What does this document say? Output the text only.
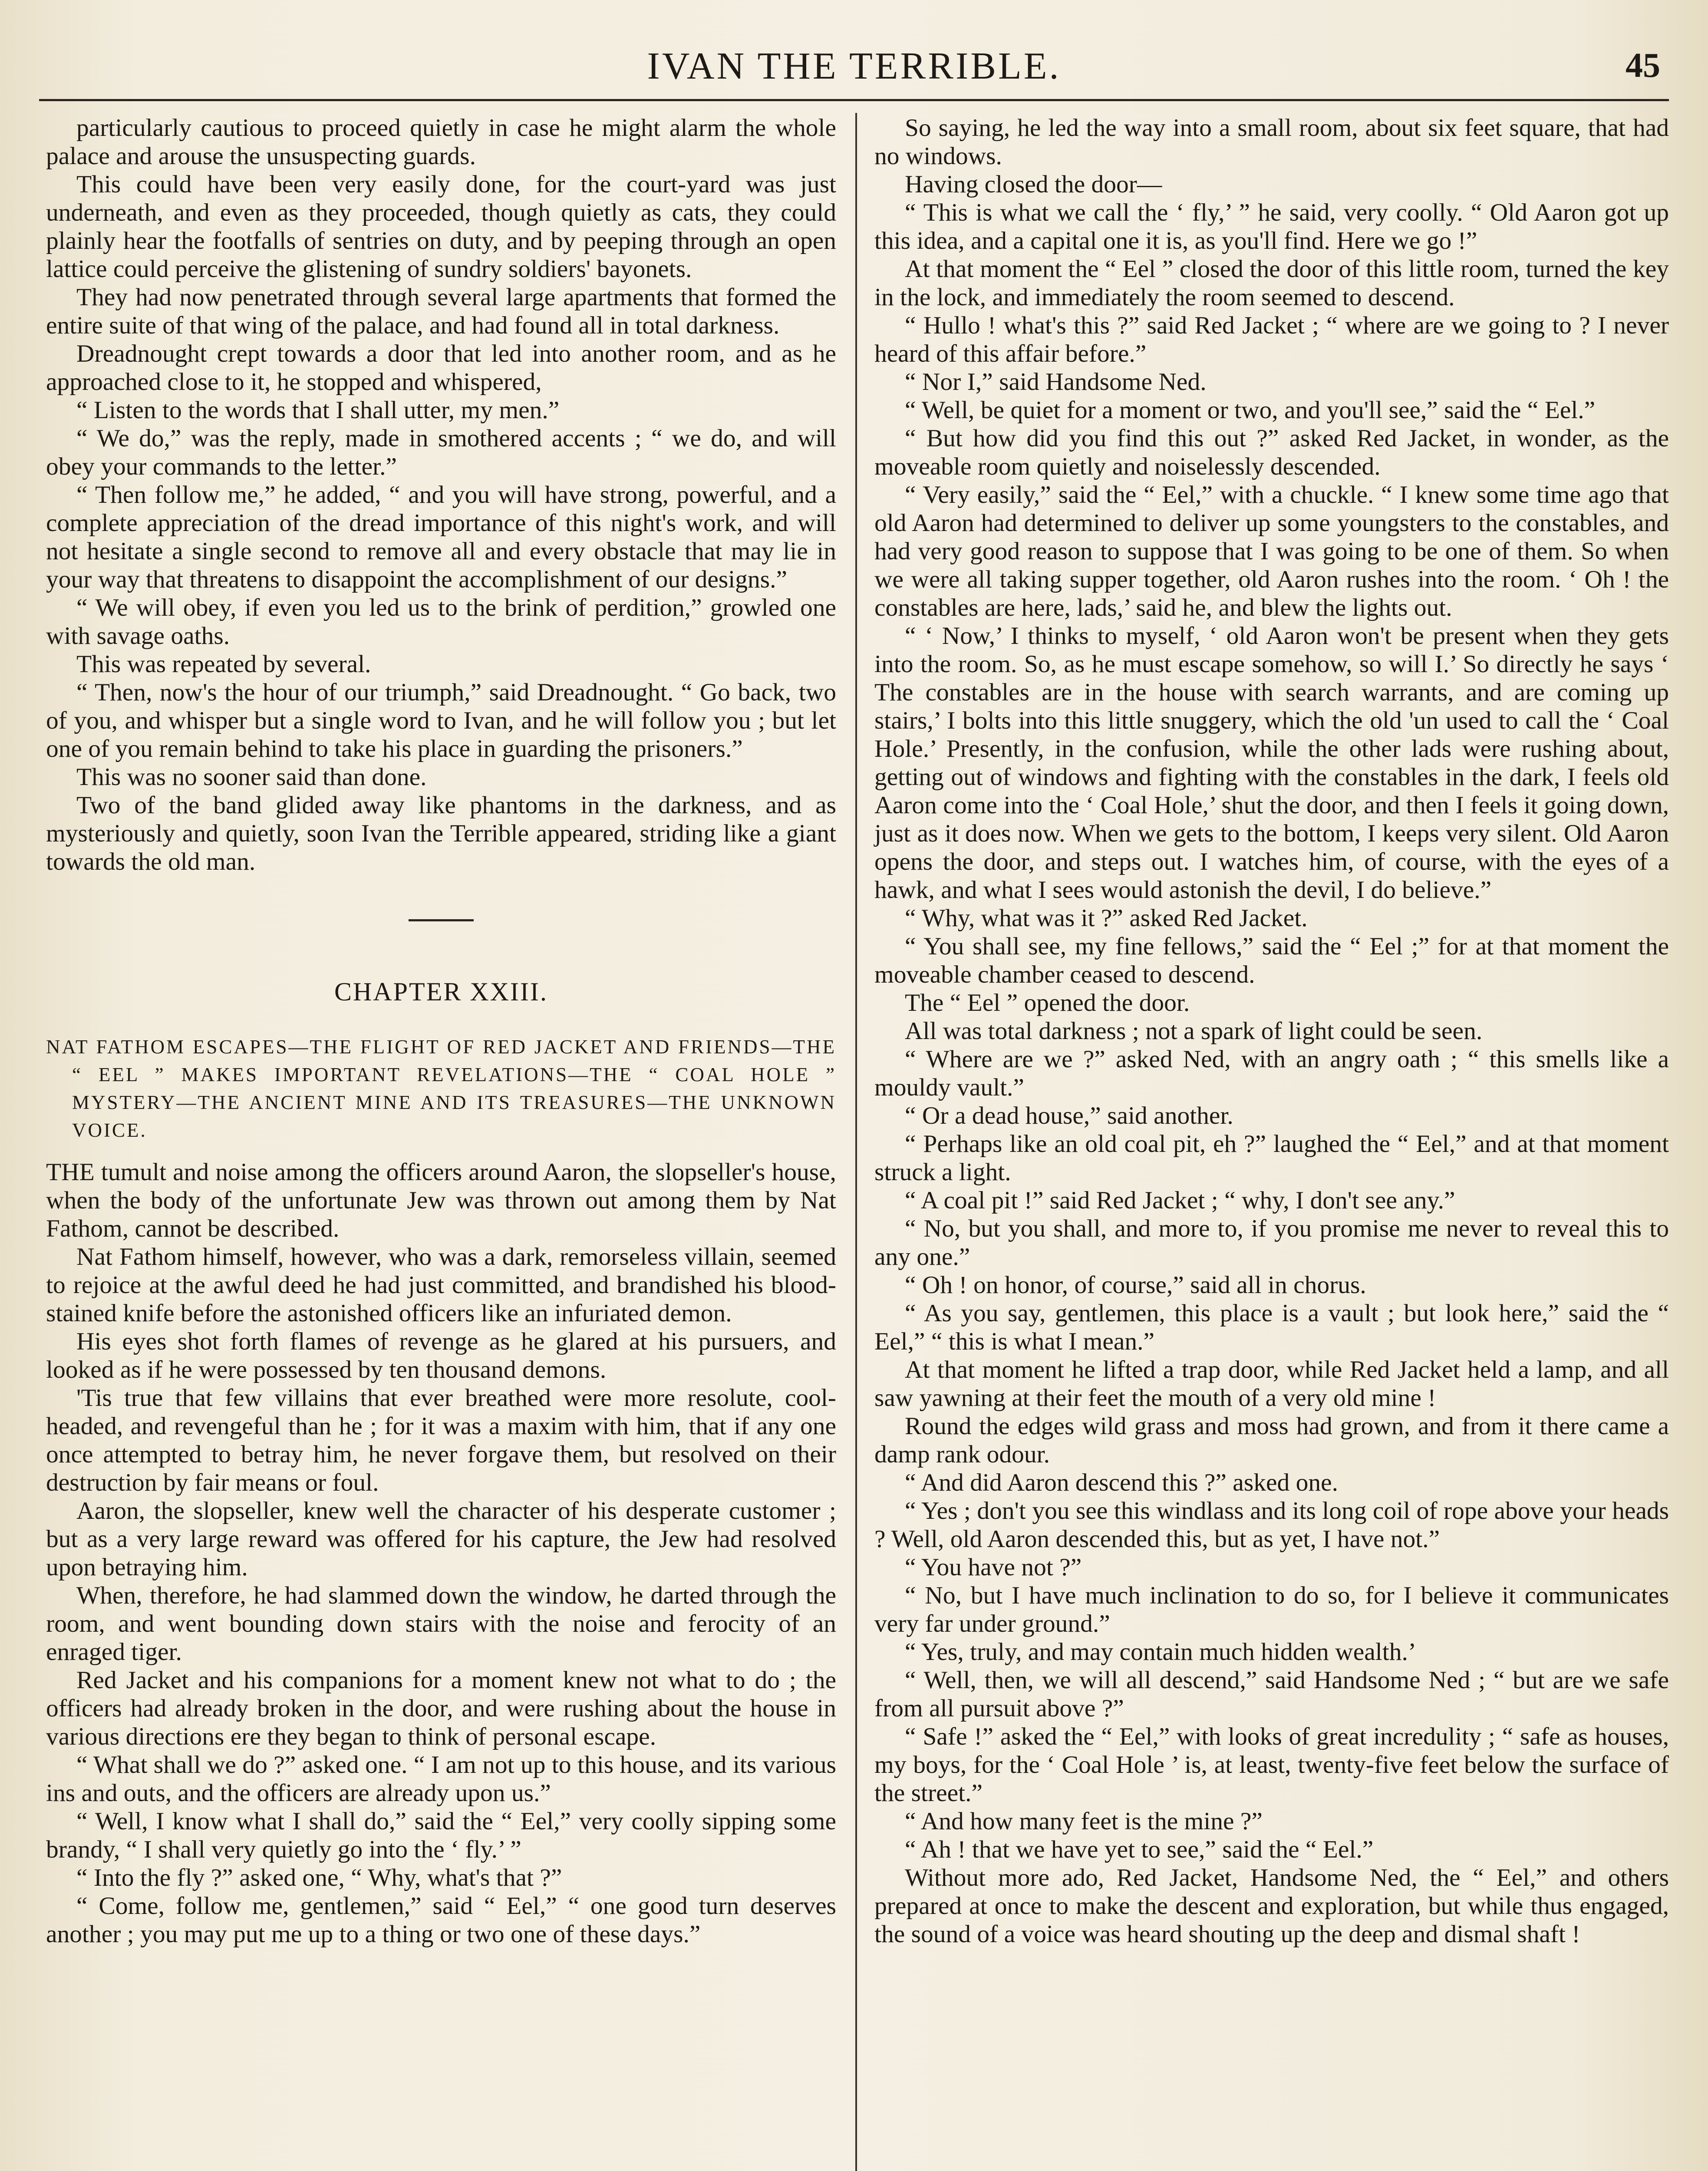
IVAN THE TERRIBLE.	45

particularly cautious to proceed quietly in case he might alarm the whole palace and arouse the unsuspecting guards.

This could have been very easily done, for the court-yard was just underneath, and even as they proceeded, though quietly as cats, they could plainly hear the footfalls of sentries on duty, and by peeping through an open lattice could perceive the glistening of sundry soldiers' bayonets.

They had now penetrated through several large apartments that formed the entire suite of that wing of the palace, and had found all in total darkness.

Dreadnought crept towards a door that led into another room, and as he approached close to it, he stopped and whispered,

“ Listen to the words that I shall utter, my men.”

“ We do,” was the reply, made in smothered accents ; “ we do, and will obey your commands to the letter.”

“ Then follow me,” he added, “ and you will have strong, powerful, and a complete appreciation of the dread importance of this night's work, and will not hesitate a single second to remove all and every obstacle that may lie in your way that threatens to disappoint the accomplishment of our designs.”

“ We will obey, if even you led us to the brink of perdition,” growled one with savage oaths.

This was repeated by several.

“ Then, now's the hour of our triumph,” said Dreadnought. “ Go back, two of you, and whisper but a single word to Ivan, and he will follow you ; but let one of you remain behind to take his place in guarding the prisoners.”

This was no sooner said than done.

Two of the band glided away like phantoms in the darkness, and as mysteriously and quietly, soon Ivan the Terrible appeared, striding like a giant towards the old man.

CHAPTER XXIII.
NAT FATHOM ESCAPES—THE FLIGHT OF RED JACKET AND FRIENDS—THE “ EEL ” MAKES IMPORTANT REVELATIONS—THE “ COAL HOLE ” MYSTERY—THE ANCIENT MINE AND ITS TREASURES—THE UNKNOWN VOICE.

THE tumult and noise among the officers around Aaron, the slopseller's house, when the body of the unfortunate Jew was thrown out among them by Nat Fathom, cannot be described.

Nat Fathom himself, however, who was a dark, remorseless villain, seemed to rejoice at the awful deed he had just committed, and brandished his blood-stained knife before the astonished officers like an infuriated demon.

His eyes shot forth flames of revenge as he glared at his pursuers, and looked as if he were possessed by ten thousand demons.

'Tis true that few villains that ever breathed were more resolute, cool-headed, and revengeful than he ; for it was a maxim with him, that if any one once attempted to betray him, he never forgave them, but resolved on their destruction by fair means or foul.

Aaron, the slopseller, knew well the character of his desperate customer ; but as a very large reward was offered for his capture, the Jew had resolved upon betraying him.

When, therefore, he had slammed down the window, he darted through the room, and went bounding down stairs with the noise and ferocity of an enraged tiger.

Red Jacket and his companions for a moment knew not what to do ; the officers had already broken in the door, and were rushing about the house in various directions ere they began to think of personal escape.

“ What shall we do ?” asked one. “ I am not up to this house, and its various ins and outs, and the officers are already upon us.”

“ Well, I know what I shall do,” said the “ Eel,” very coolly sipping some brandy, “ I shall very quietly go into the ‘ fly.’ ”

“ Into the fly ?” asked one, “ Why, what's that ?”

“ Come, follow me, gentlemen,” said “ Eel,” “ one good turn deserves another ; you may put me up to a thing or two one of these days.”

So saying, he led the way into a small room, about six feet square, that had no windows.

Having closed the door—

“ This is what we call the ‘ fly,’ ” he said, very coolly. “ Old Aaron got up this idea, and a capital one it is, as you'll find. Here we go !”

At that moment the “ Eel ” closed the door of this little room, turned the key in the lock, and immediately the room seemed to descend.

“ Hullo ! what's this ?” said Red Jacket ; “ where are we going to ? I never heard of this affair before.”

“ Nor I,” said Handsome Ned.

“ Well, be quiet for a moment or two, and you'll see,” said the “ Eel.”

“ But how did you find this out ?” asked Red Jacket, in wonder, as the moveable room quietly and noiselessly descended.

“ Very easily,” said the “ Eel,” with a chuckle. “ I knew some time ago that old Aaron had determined to deliver up some youngsters to the constables, and had very good reason to suppose that I was going to be one of them. So when we were all taking supper together, old Aaron rushes into the room. ‘ Oh ! the constables are here, lads,’ said he, and blew the lights out.

“ ‘ Now,’ I thinks to myself, ‘ old Aaron won't be present when they gets into the room. So, as he must escape somehow, so will I.’ So directly he says ‘ The constables are in the house with search warrants, and are coming up stairs,’ I bolts into this little snuggery, which the old 'un used to call the ‘ Coal Hole.’ Presently, in the confusion, while the other lads were rushing about, getting out of windows and fighting with the constables in the dark, I feels old Aaron come into the ‘ Coal Hole,’ shut the door, and then I feels it going down, just as it does now. When we gets to the bottom, I keeps very silent. Old Aaron opens the door, and steps out. I watches him, of course, with the eyes of a hawk, and what I sees would astonish the devil, I do believe.”

“ Why, what was it ?” asked Red Jacket.

“ You shall see, my fine fellows,” said the “ Eel ;” for at that moment the moveable chamber ceased to descend.

The “ Eel ” opened the door.

All was total darkness ; not a spark of light could be seen.

“ Where are we ?” asked Ned, with an angry oath ; “ this smells like a mouldy vault.”

“ Or a dead house,” said another.

“ Perhaps like an old coal pit, eh ?” laughed the “ Eel,” and at that moment struck a light.

“ A coal pit !” said Red Jacket ; “ why, I don't see any.”

“ No, but you shall, and more to, if you promise me never to reveal this to any one.”

“ Oh ! on honor, of course,” said all in chorus.

“ As you say, gentlemen, this place is a vault ; but look here,” said the “ Eel,” “ this is what I mean.”

At that moment he lifted a trap door, while Red Jacket held a lamp, and all saw yawning at their feet the mouth of a very old mine !

Round the edges wild grass and moss had grown, and from it there came a damp rank odour.

“ And did Aaron descend this ?” asked one.

“ Yes ; don't you see this windlass and its long coil of rope above your heads ? Well, old Aaron descended this, but as yet, I have not.”

“ You have not ?”

“ No, but I have much inclination to do so, for I believe it communicates very far under ground.”

“ Yes, truly, and may contain much hidden wealth.’

“ Well, then, we will all descend,” said Handsome Ned ; “ but are we safe from all pursuit above ?”

“ Safe !” asked the “ Eel,” with looks of great incredulity ; “ safe as houses, my boys, for the ‘ Coal Hole ’ is, at least, twenty-five feet below the surface of the street.”

“ And how many feet is the mine ?”

“ Ah ! that we have yet to see,” said the “ Eel.”

Without more ado, Red Jacket, Handsome Ned, the “ Eel,” and others prepared at once to make the descent and exploration, but while thus engaged, the sound of a voice was heard shouting up the deep and dismal shaft !
